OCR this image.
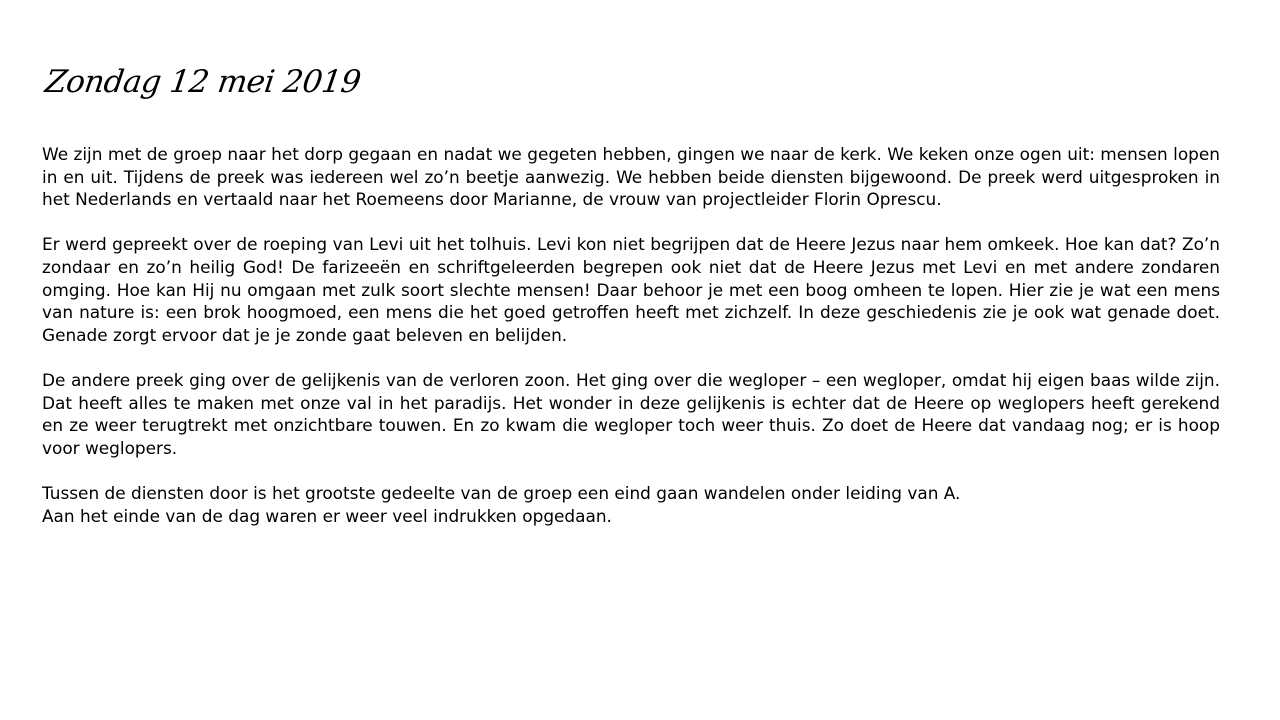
Zondag 12 mei 2019

We zijn met de groep naar het dorp gegaan en nadat we gegeten hebben, gingen we naar de kerk. We keken onze ogen uit: mensen lopen in en uit. Tijdens de preek was iedereen wel zo’n beetje aanwezig. We hebben beide diensten bijgewoond. De preek werd uitgesproken in het Nederlands en vertaald naar het Roemeens door Marianne, de vrouw van projectleider Florin Oprescu.

Er werd gepreekt over de roeping van Levi uit het tolhuis. Levi kon niet begrijpen dat de Heere Jezus naar hem omkeek. Hoe kan dat? Zo’n zondaar en zo’n heilig God! De farizeeën en schriftgeleerden begrepen ook niet dat de Heere Jezus met Levi en met andere zondaren omging. Hoe kan Hij nu omgaan met zulk soort slechte mensen! Daar behoor je met een boog omheen te lopen. Hier zie je wat een mens van nature is: een brok hoogmoed, een mens die het goed getroffen heeft met zichzelf. In deze geschiedenis zie je ook wat genade doet. Genade zorgt ervoor dat je je zonde gaat beleven en belijden.

De andere preek ging over de gelijkenis van de verloren zoon. Het ging over die wegloper – een wegloper, omdat hij eigen baas wilde zijn. Dat heeft alles te maken met onze val in het paradijs. Het wonder in deze gelijkenis is echter dat de Heere op weglopers heeft gerekend en ze weer terugtrekt met onzichtbare touwen. En zo kwam die wegloper toch weer thuis. Zo doet de Heere dat vandaag nog; er is hoop voor weglopers.

Tussen de diensten door is het grootste gedeelte van de groep een eind gaan wandelen onder leiding van A.
Aan het einde van de dag waren er weer veel indrukken opgedaan.
